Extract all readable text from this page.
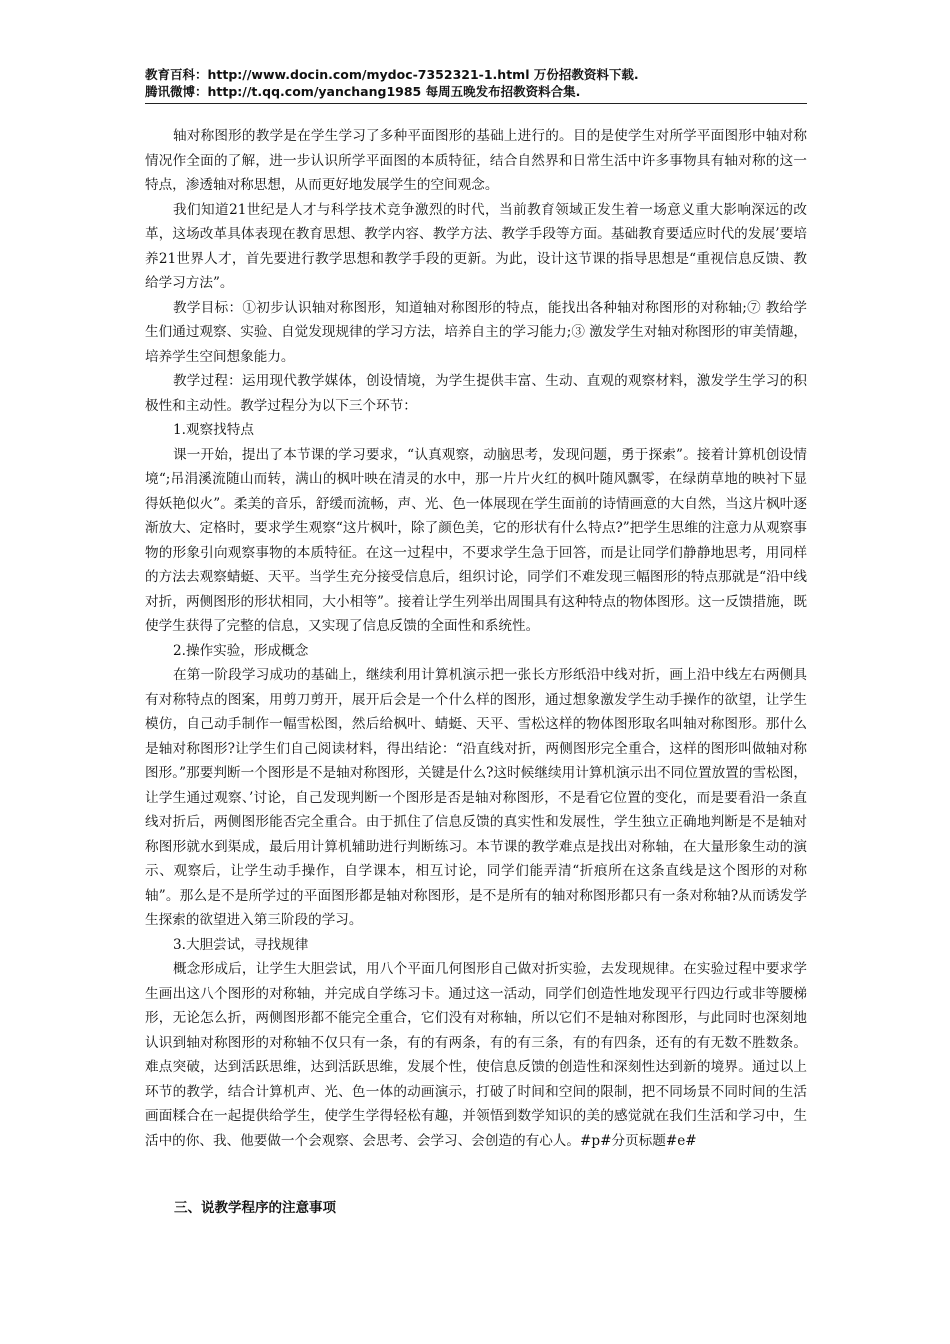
教育百科：http://www.docin.com/mydoc-7352321-1.html 万份招教资料下载.
腾讯微博：http://t.qq.com/yanchang1985 每周五晚发布招教资料合集.

轴对称图形的教学是在学生学习了多种平面图形的基础上进行的。目的是使学生对所学平面图形中轴对称情况作全面的了解，进一步认识所学平面图的本质特征，结合自然界和日常生活中许多事物具有轴对称的这一特点，渗透轴对称思想，从而更好地发展学生的空间观念。

我们知道21世纪是人才与科学技术竞争激烈的时代，当前教育领域正发生着一场意义重大影响深远的改革，这场改革具体表现在教育思想、教学内容、教学方法、教学手段等方面。基础教育要适应时代的发展’要培养21世界人才，首先要进行教学思想和教学手段的更新。为此，设计这节课的指导思想是“重视信息反馈、教给学习方法”。

教学目标：①初步认识轴对称图形，知道轴对称图形的特点，能找出各种轴对称图形的对称轴;⑦ 教给学生们通过观察、实验、自觉发现规律的学习方法，培养自主的学习能力;③ 激发学生对轴对称图形的审美情趣，培养学生空间想象能力。

教学过程：运用现代教学媒体，创设情境，为学生提供丰富、生动、直观的观察材料，激发学生学习的积极性和主动性。教学过程分为以下三个环节：

1.观察找特点

课一开始，提出了本节课的学习要求，“认真观察，动脑思考，发现问题，勇于探索”。接着计算机创设情境“;吊涓溪流随山而转，满山的枫叶映在清灵的水中，那一片片火红的枫叶随风飘零，在绿荫草地的映衬下显得妖艳似火”。柔美的音乐，舒缓而流畅，声、光、色一体展现在学生面前的诗情画意的大自然，当这片枫叶逐渐放大、定格时，要求学生观察“这片枫叶，除了颜色美，它的形状有什么特点?”把学生思维的注意力从观察事物的形象引向观察事物的本质特征。在这一过程中，不要求学生急于回答，而是让同学们静静地思考，用同样的方法去观察蜻蜓、天平。当学生充分接受信息后，组织讨论，同学们不难发现三幅图形的特点那就是“沿中线对折，两侧图形的形状相同，大小相等”。接着让学生列举出周围具有这种特点的物体图形。这一反馈措施，既使学生获得了完整的信息，又实现了信息反馈的全面性和系统性。

2.操作实验，形成概念

在第一阶段学习成功的基础上，继续利用计算机演示把一张长方形纸沿中线对折，画上沿中线左右两侧具有对称特点的图案，用剪刀剪开，展开后会是一个什么样的图形，通过想象激发学生动手操作的欲望，让学生模仿，自己动手制作一幅雪松图，然后给枫叶、蜻蜓、天平、雪松这样的物体图形取名叫轴对称图形。那什么是轴对称图形?让学生们自己阅读材料，得出结论：“沿直线对折，两侧图形完全重合，这样的图形叫做轴对称图形。”那要判断一个图形是不是轴对称图形，关键是什么?这时候继续用计算机演示出不同位置放置的雪松图，让学生通过观察、’讨论，自己发现判断一个图形是否是轴对称图形，不是看它位置的变化，而是要看沿一条直线对折后，两侧图形能否完全重合。由于抓住了信息反馈的真实性和发展性，学生独立正确地判断是不是轴对称图形就水到渠成，最后用计算机辅助进行判断练习。本节课的教学难点是找出对称轴，在大量形象生动的演示、观察后，让学生动手操作，自学课本，相互讨论，同学们能弄清“折痕所在这条直线是这个图形的对称轴”。那么是不是所学过的平面图形都是轴对称图形，是不是所有的轴对称图形都只有一条对称轴?从而诱发学生探索的欲望进入第三阶段的学习。

3.大胆尝试，寻找规律

概念形成后，让学生大胆尝试，用八个平面几何图形自己做对折实验，去发现规律。在实验过程中要求学生画出这八个图形的对称轴，并完成自学练习卡。通过这一活动，同学们创造性地发现平行四边行或非等腰梯形，无论怎么折，两侧图形都不能完全重合，它们没有对称轴，所以它们不是轴对称图形，与此同时也深刻地认识到轴对称图形的对称轴不仅只有一条，有的有两条，有的有三条，有的有四条，还有的有无数不胜数条。难点突破，达到活跃思维，达到活跃思维，发展个性，使信息反馈的创造性和深刻性达到新的境界。通过以上环节的教学，结合计算机声、光、色一体的动画演示，打破了时间和空间的限制，把不同场景不同时间的生活画面糅合在一起提供给学生，使学生学得轻松有趣，并领悟到数学知识的美的感觉就在我们生活和学习中，生活中的你、我、他要做一个会观察、会思考、会学习、会创造的有心人。#p#分页标题#e#

三、说教学程序的注意事项
